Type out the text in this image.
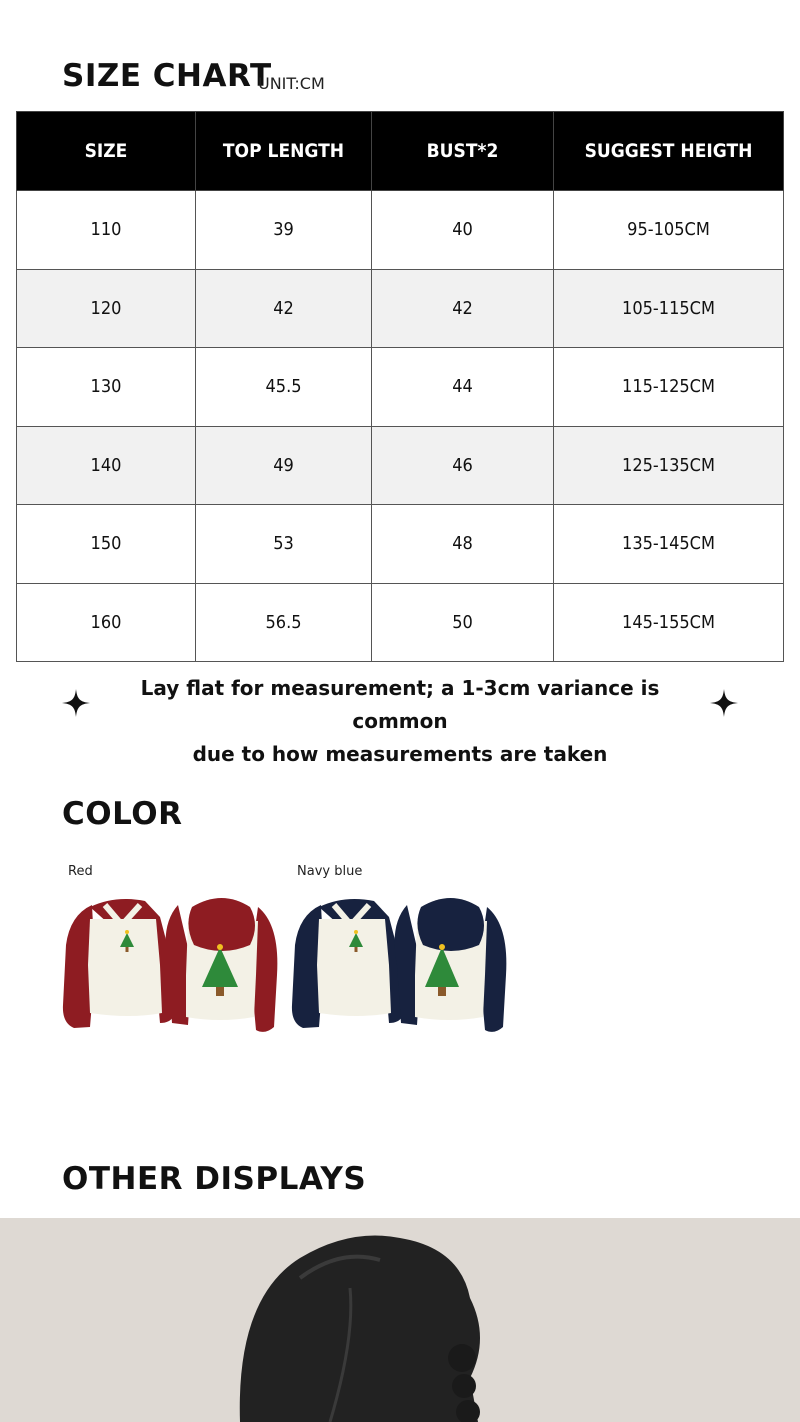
SIZE CHART
UNIT:CM
SIZE	TOP LENGTH	BUST*2	SUGGEST HEIGTH
110	39	40	95-105CM
120	42	42	105-115CM
130	45.5	44	115-125CM
140	49	46	125-135CM
150	53	48	135-145CM
160	56.5	50	145-155CM
Lay flat for measurement; a 1-3cm variance is common
due to how measurements are taken
COLOR
Red	Navy blue
OTHER DISPLAYS
